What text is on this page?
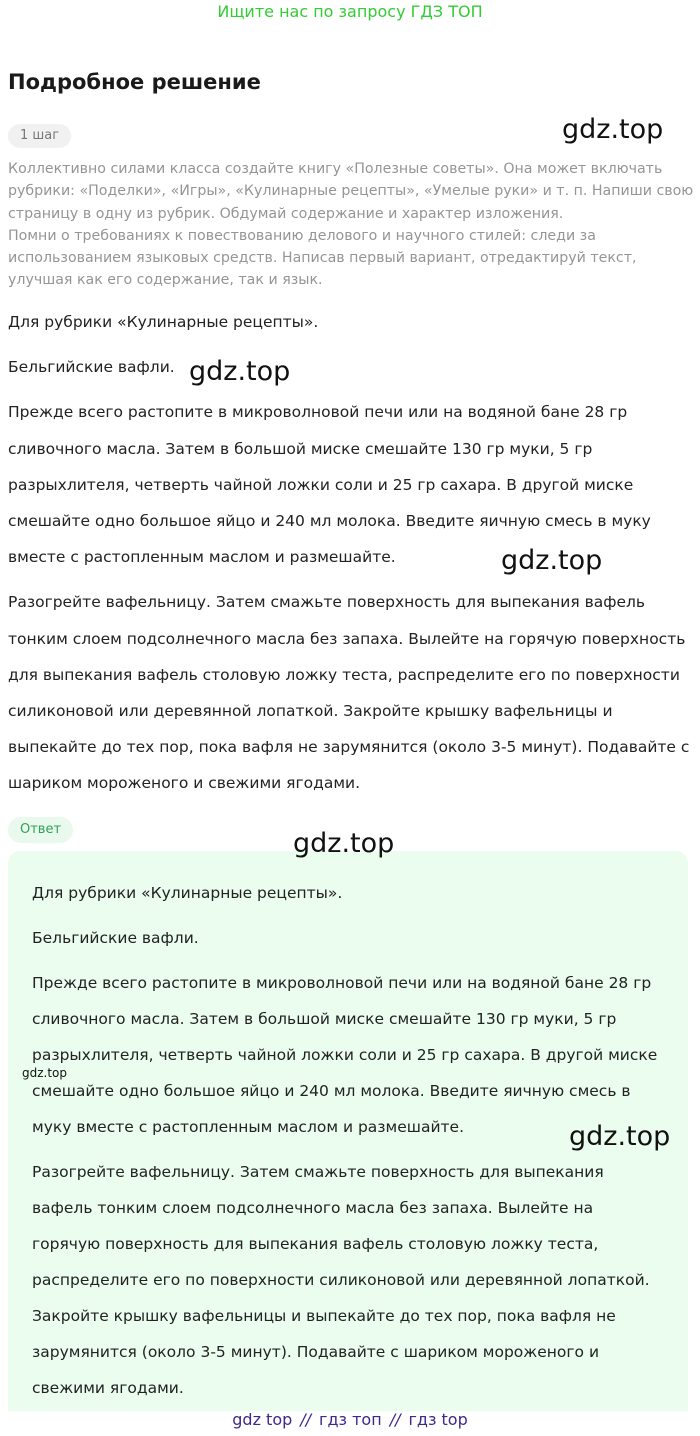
Ищите нас по запросу ГДЗ ТОП
Подробное решение
1 шаг

Коллективно силами класса создайте книгу «Полезные советы». Она может включать рубрики: «Поделки», «Игры», «Кулинарные рецепты», «Умелые руки» и т. п. Напиши свою страницу в одну из рубрик. Обдумай содержание и характер изложения.

Помни о требованиях к повествованию делового и научного стилей: следи за использованием языковых средств. Написав первый вариант, отредактируй текст, улучшая как его содержание, так и язык.

Для рубрики «Кулинарные рецепты».

Бельгийские вафли.

Прежде всего растопите в микроволновой печи или на водяной бане 28 гр сливочного масла. Затем в большой миске смешайте 130 гр муки, 5 гр разрыхлителя, четверть чайной ложки соли и 25 гр сахара. В другой миске смешайте одно большое яйцо и 240 мл молока. Введите яичную смесь в муку вместе с растопленным маслом и размешайте.

Разогрейте вафельницу. Затем смажьте поверхность для выпекания вафель тонким слоем подсолнечного масла без запаха. Вылейте на горячую поверхность для выпекания вафель столовую ложку теста, распределите его по поверхности силиконовой или деревянной лопаткой. Закройте крышку вафельницы и выпекайте до тех пор, пока вафля не зарумянится (около 3-5 минут). Подавайте с шариком мороженого и свежими ягодами.

Ответ

Для рубрики «Кулинарные рецепты».

Бельгийские вафли.

Прежде всего растопите в микроволновой печи или на водяной бане 28 гр сливочного масла. Затем в большой миске смешайте 130 гр муки, 5 гр разрыхлителя, четверть чайной ложки соли и 25 гр сахара. В другой миске смешайте одно большое яйцо и 240 мл молока. Введите яичную смесь в муку вместе с растопленным маслом и размешайте.

Разогрейте вафельницу. Затем смажьте поверхность для выпекания вафель тонким слоем подсолнечного масла без запаха. Вылейте на горячую поверхность для выпекания вафель столовую ложку теста, распределите его по поверхности силиконовой или деревянной лопаткой. Закройте крышку вафельницы и выпекайте до тех пор, пока вафля не зарумянится (около 3-5 минут). Подавайте с шариком мороженого и свежими ягодами.

gdz.top
gdz.top
gdz.top
gdz.top
gdz.top
gdz.top
gdz top // гдз топ // гдз top
